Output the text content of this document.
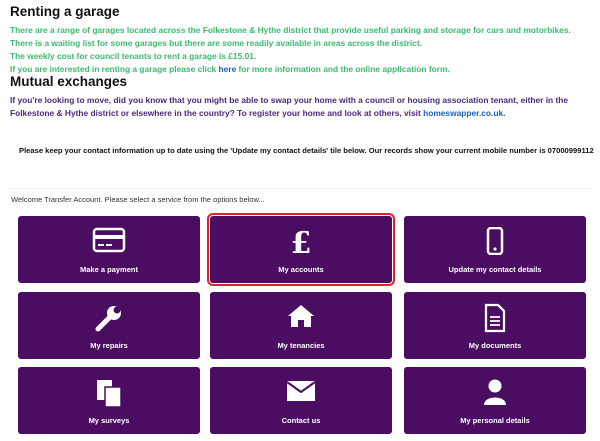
Renting a garage
There are a range of garages located across the Folkestone & Hythe district that provide useful parking and storage for cars and motorbikes. There is a waiting list for some garages but there are some readily available in areas across the district.
The weekly cost for council tenants to rent a garage is £15.01.
If you are interested in renting a garage please click here for more information and the online application form.
Mutual exchanges
If you're looking to move, did you know that you might be able to swap your home with a council or housing association tenant, either in the Folkestone & Hythe district or elsewhere in the country? To register your home and look at others, visit homeswapper.co.uk.
Please keep your contact information up to date using the 'Update my contact details' tile below. Our records show your current mobile number is 07000999112
Welcome Transfer Account. Please select a service from the options below...
Make a payment
£
My accounts	Update my contact details
My repairs	My tenancies	My documents
My surveys	Contact us	My personal details
